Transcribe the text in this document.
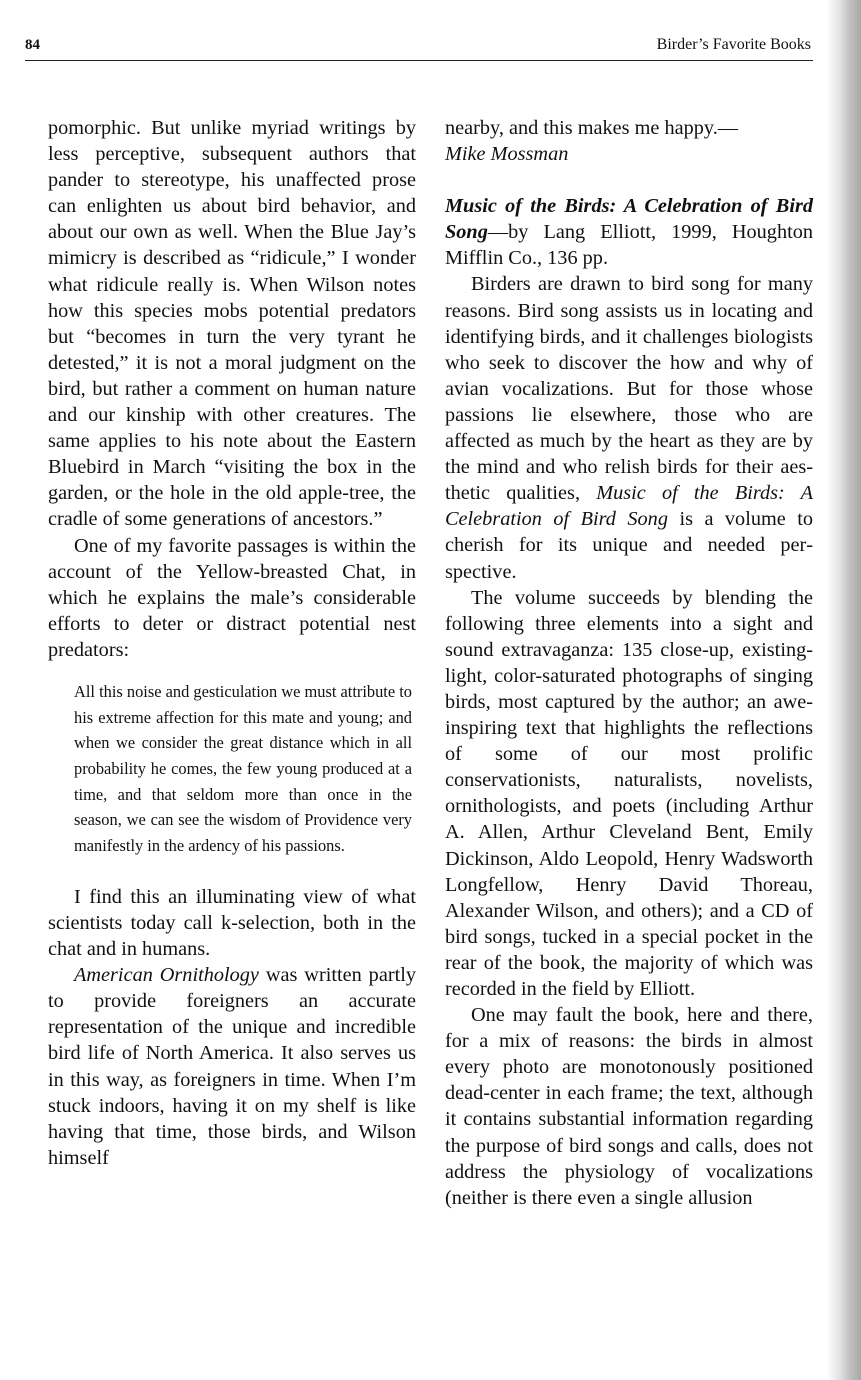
84	Birder’s Favorite Books

pomorphic. But unlike myriad writings by less perceptive, subsequent authors that pander to stereotype, his unaffected prose can enlighten us about bird behavior, and about our own as well. When the Blue Jay’s mimicry is described as “ridicule,” I wonder what ridicule really is. When Wilson notes how this species mobs potential predators but “becomes in turn the very tyrant he detested,” it is not a moral judgment on the bird, but rather a comment on human nature and our kinship with other creatures. The same applies to his note about the Eastern Bluebird in March “visiting the box in the garden, or the hole in the old apple-tree, the cradle of some generations of ancestors.”

One of my favorite passages is within the account of the Yellow-breasted Chat, in which he explains the male’s considerable efforts to deter or distract potential nest predators:

All this noise and gesticulation we must attribute to his extreme affection for this mate and young; and when we consider the great distance which in all probability he comes, the few young produced at a time, and that seldom more than once in the season, we can see the wisdom of Providence very manifestly in the ardency of his passions.

I find this an illuminating view of what scientists today call k-selection, both in the chat and in humans.

American Ornithology was written partly to provide foreigners an accurate representation of the unique and incredible bird life of North America. It also serves us in this way, as foreigners in time. When I’m stuck indoors, having it on my shelf is like having that time, those birds, and Wilson himself

nearby, and this makes me happy.—
Mike Mossman

Music of the Birds: A Celebration of Bird Song—by Lang Elliott, 1999, Houghton Mifflin Co., 136 pp.

Birders are drawn to bird song for many reasons. Bird song assists us in locating and identifying birds, and it challenges biologists who seek to discover the how and why of avian vocalizations. But for those whose passions lie elsewhere, those who are affected as much by the heart as they are by the mind and who relish birds for their aesthetic qualities, Music of the Birds: A Celebration of Bird Song is a volume to cherish for its unique and needed perspective.

The volume succeeds by blending the following three elements into a sight and sound extravaganza: 135 close-up, existing-light, color-saturated photographs of singing birds, most captured by the author; an awe-inspiring text that highlights the reflections of some of our most prolific conservationists, naturalists, novelists, ornithologists, and poets (including Arthur A. Allen, Arthur Cleveland Bent, Emily Dickinson, Aldo Leopold, Henry Wadsworth Longfellow, Henry David Thoreau, Alexander Wilson, and others); and a CD of bird songs, tucked in a special pocket in the rear of the book, the majority of which was recorded in the field by Elliott.

One may fault the book, here and there, for a mix of reasons: the birds in almost every photo are monotonously positioned dead-center in each frame; the text, although it contains substantial information regarding the purpose of bird songs and calls, does not address the physiology of vocalizations (neither is there even a single allusion
